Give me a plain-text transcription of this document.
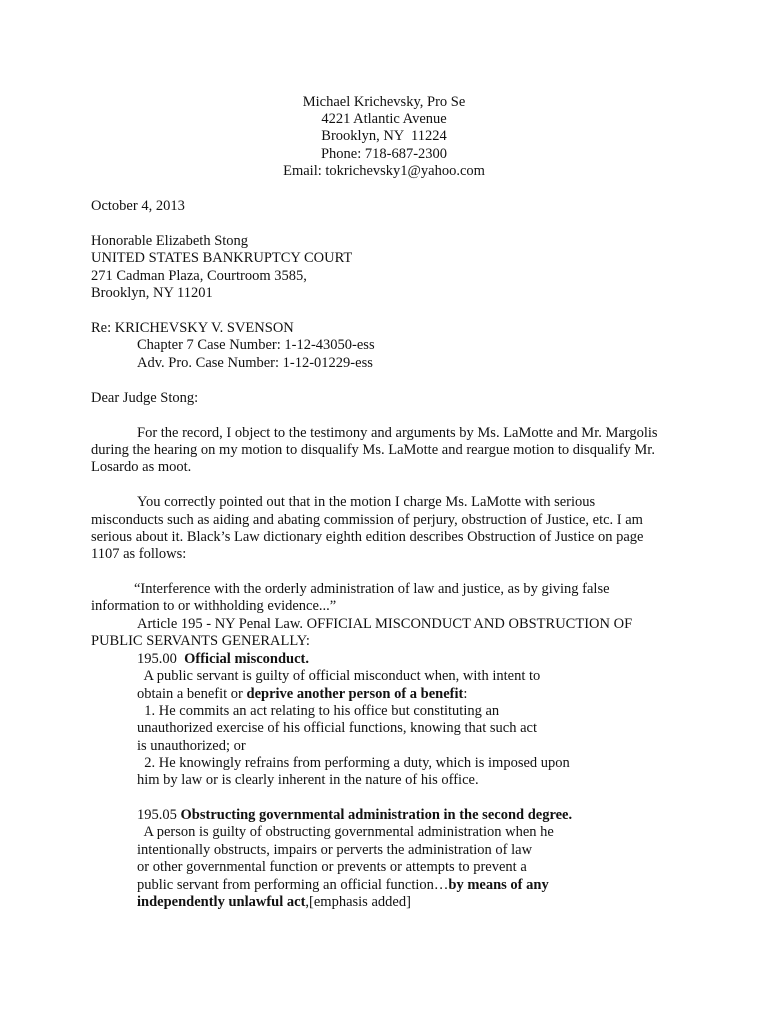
Michael Krichevsky, Pro Se
4221 Atlantic Avenue
Brooklyn, NY  11224
Phone: 718-687-2300
Email: tokrichevsky1@yahoo.com
October 4, 2013
Honorable Elizabeth Stong
UNITED STATES BANKRUPTCY COURT
271 Cadman Plaza, Courtroom 3585,
Brooklyn, NY 11201
Re: KRICHEVSKY V. SVENSON
Chapter 7 Case Number: 1-12-43050-ess
Adv. Pro. Case Number: 1-12-01229-ess
Dear Judge Stong:
For the record, I object to the testimony and arguments by Ms. LaMotte and Mr. Margolis
during the hearing on my motion to disqualify Ms. LaMotte and reargue motion to disqualify Mr.
Losardo as moot.
You correctly pointed out that in the motion I charge Ms. LaMotte with serious
misconducts such as aiding and abating commission of perjury, obstruction of Justice, etc. I am
serious about it. Black’s Law dictionary eighth edition describes Obstruction of Justice on page
1107 as follows:
“Interference with the orderly administration of law and justice, as by giving false
information to or withholding evidence...”
Article 195 - NY Penal Law. OFFICIAL MISCONDUCT AND OBSTRUCTION OF
PUBLIC SERVANTS GENERALLY:
195.00 Official misconduct.
A public servant is guilty of official misconduct when, with intent to
obtain a benefit or deprive another person of a benefit:
1. He commits an act relating to his office but constituting an
unauthorized exercise of his official functions, knowing that such act
is unauthorized; or
2. He knowingly refrains from performing a duty, which is imposed upon
him by law or is clearly inherent in the nature of his office.
195.05 Obstructing governmental administration in the second degree.
A person is guilty of obstructing governmental administration when he
intentionally obstructs, impairs or perverts the administration of law
or other governmental function or prevents or attempts to prevent a
public servant from performing an official function…by means of any
independently unlawful act,[emphasis added]
